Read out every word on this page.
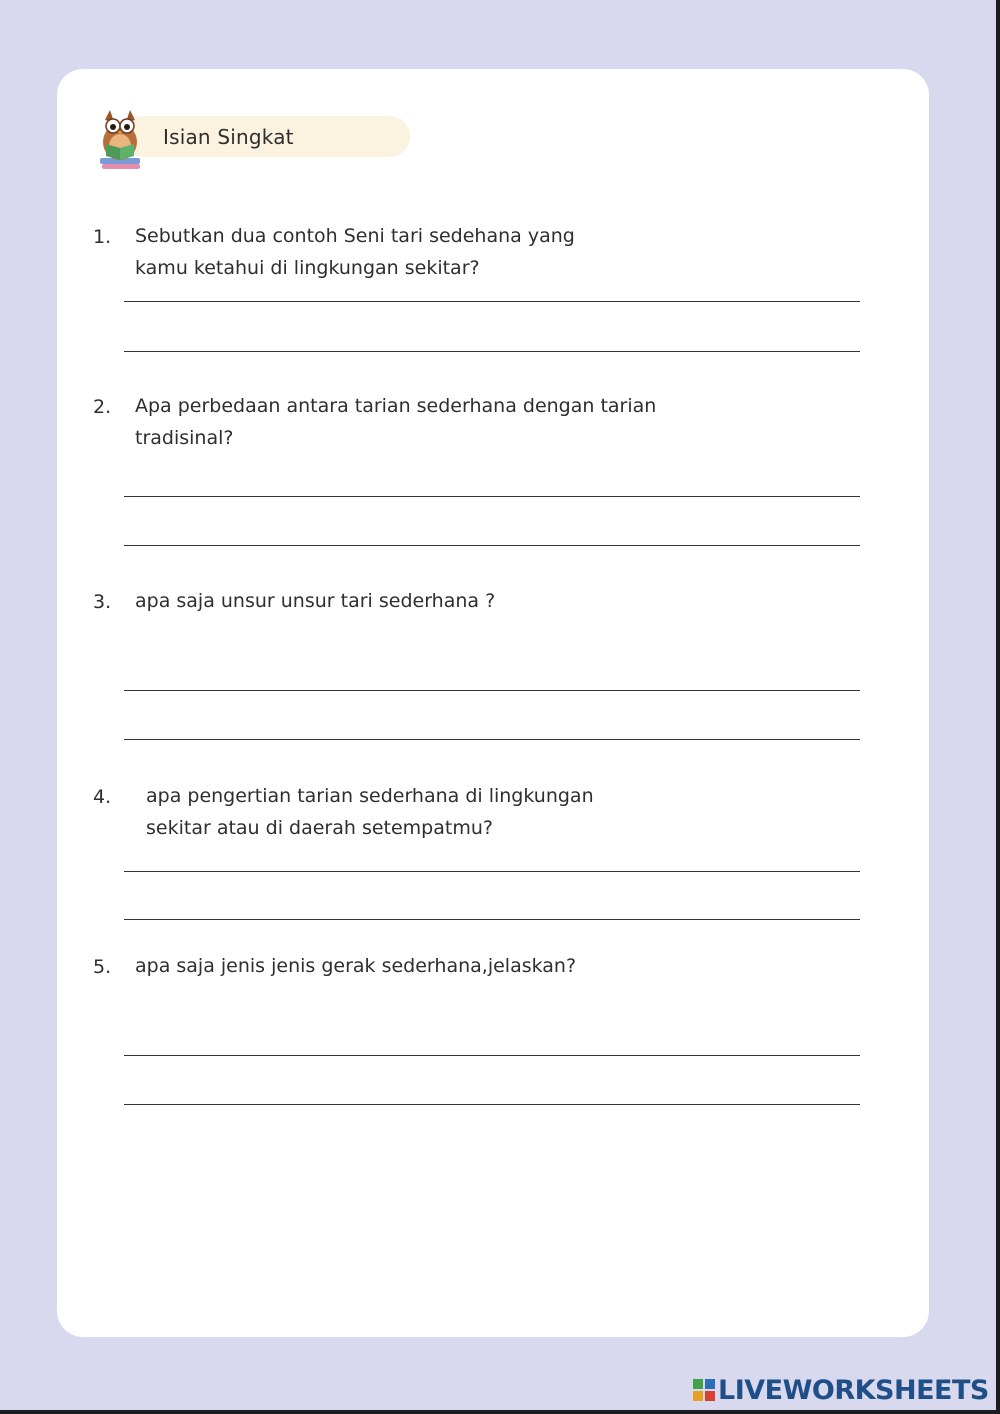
Isian Singkat
1. Sebutkan dua contoh Seni tari sedehana yang
kamu ketahui di lingkungan sekitar?
2. Apa perbedaan antara tarian sederhana dengan tarian
tradisinal?
3. apa saja unsur unsur tari sederhana ?
4. apa pengertian tarian sederhana di lingkungan
sekitar atau di daerah setempatmu?
5. apa saja jenis jenis gerak sederhana,jelaskan?
LIVEWORKSHEETS
